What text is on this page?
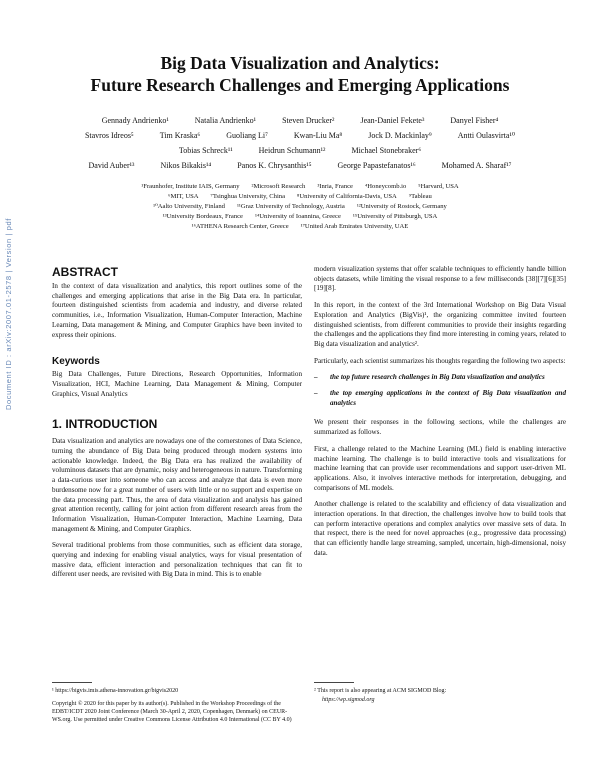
Big Data Visualization and Analytics:
Future Research Challenges and Emerging Applications
Gennady Andrienko¹	Natalia Andrienko¹	Steven Drucker²	Jean-Daniel Fekete³	Danyel Fisher⁴
Stavros Idreos⁵	Tim Kraska⁶	Guoliang Li⁷	Kwan-Liu Ma⁸	Jock D. Mackinlay⁹	Antti Oulasvirta¹⁰
Tobias Schreck¹¹	Heidrun Schumann¹²	Michael Stonebraker⁶
David Auber¹³	Nikos Bikakis¹⁴	Panos K. Chrysanthis¹⁵	George Papastefanatos¹⁶	Mohamed A. Sharaf¹⁷
¹Fraunhofer, Institute IAIS, Germany ²Microsoft Research ³Inria, France ⁴Honeycomb.io ⁵Harvard, USA
⁶MIT, USA ⁷Tsinghua University, China ⁸University of California-Davis, USA ⁹Tableau
¹⁰Aalto University, Finland ¹¹Graz University of Technology, Austria ¹²University of Rostock, Germany
¹³University Bordeaux, France ¹⁴University of Ioannina, Greece ¹⁵University of Pittsburgh, USA
¹⁶ATHENA Research Center, Greece ¹⁷United Arab Emirates University, UAE
ABSTRACT

In the context of data visualization and analytics, this report outlines some of the challenges and emerging applications that arise in the Big Data era. In particular, fourteen distinguished scientists from academia and industry, and diverse related communities, i.e., Information Visualization, Human-Computer Interaction, Machine Learning, Data management & Mining, and Computer Graphics have been invited to express their opinions.

Keywords

Big Data Challenges, Future Directions, Research Opportunities, Information Visualization, HCI, Machine Learning, Data Management & Mining, Computer Graphics, Visual Analytics

1. INTRODUCTION

Data visualization and analytics are nowadays one of the cornerstones of Data Science, turning the abundance of Big Data being produced through modern systems into actionable knowledge. Indeed, the Big Data era has realized the availability of voluminous datasets that are dynamic, noisy and heterogeneous in nature. Transforming a data-curious user into someone who can access and analyze that data is even more burdensome now for a great number of users with little or no support and expertise on the data processing part. Thus, the area of data visualization and analysis has gained great attention recently, calling for joint action from different research areas from the Information Visualization, Human-Computer Interaction, Machine Learning, Data management & Mining, and Computer Graphics.

Several traditional problems from those communities, such as efficient data storage, querying and indexing for enabling visual analytics, ways for visual presentation of massive data, efficient interaction and personalization techniques that can fit to different user needs, are revisited with Big Data in mind. This is to enable

modern visualization systems that offer scalable techniques to efficiently handle billion objects datasets, while limiting the visual response to a few milliseconds [38][7][6][35][19][8].

In this report, in the context of the 3rd International Workshop on Big Data Visual Exploration and Analytics (BigVis)¹, the organizing committee invited fourteen distinguished scientists, from different communities to provide their insights regarding the challenges and the applications they find more interesting in coming years, related to Big data visualization and analytics².

Particularly, each scientist summarizes his thoughts regarding the following two aspects:

– the top future research challenges in Big Data visualization and analytics
– the top emerging applications in the context of Big Data visualization and analytics

We present their responses in the following sections, while the challenges are summarized as follows.

First, a challenge related to the Machine Learning (ML) field is enabling interactive machine learning. The challenge is to build interactive tools and visualizations for machine learning that can provide user recommendations and support user-driven ML applications. Also, it involves interactive methods for interpretation, debugging, and comparisons of ML models.

Another challenge is related to the scalability and efficiency of data visualization and interaction operations. In that direction, the challenges involve how to build tools that can perform interactive operations and complex analytics over massive sets of data. In that respect, there is the need for novel approaches (e.g., progressive data processing) that can efficiently handle large streaming, sampled, uncertain, high-dimensional, noisy data.

¹ https://bigvis.imis.athena-innovation.gr/bigvis2020
Copyright © 2020 for this paper by its author(s). Published in the Workshop Proceedings of the EDBT/ICDT 2020 Joint Conference (March 30-April 2, 2020, Copenhagen, Denmark) on CEUR-WS.org. Use permitted under Creative Commons License Attribution 4.0 International (CC BY 4.0)
² This report is also appearing at ACM SIGMOD Blog:
https://wp.sigmod.org
Document ID : arXiv:2007.01-2578 | Version | pdf
